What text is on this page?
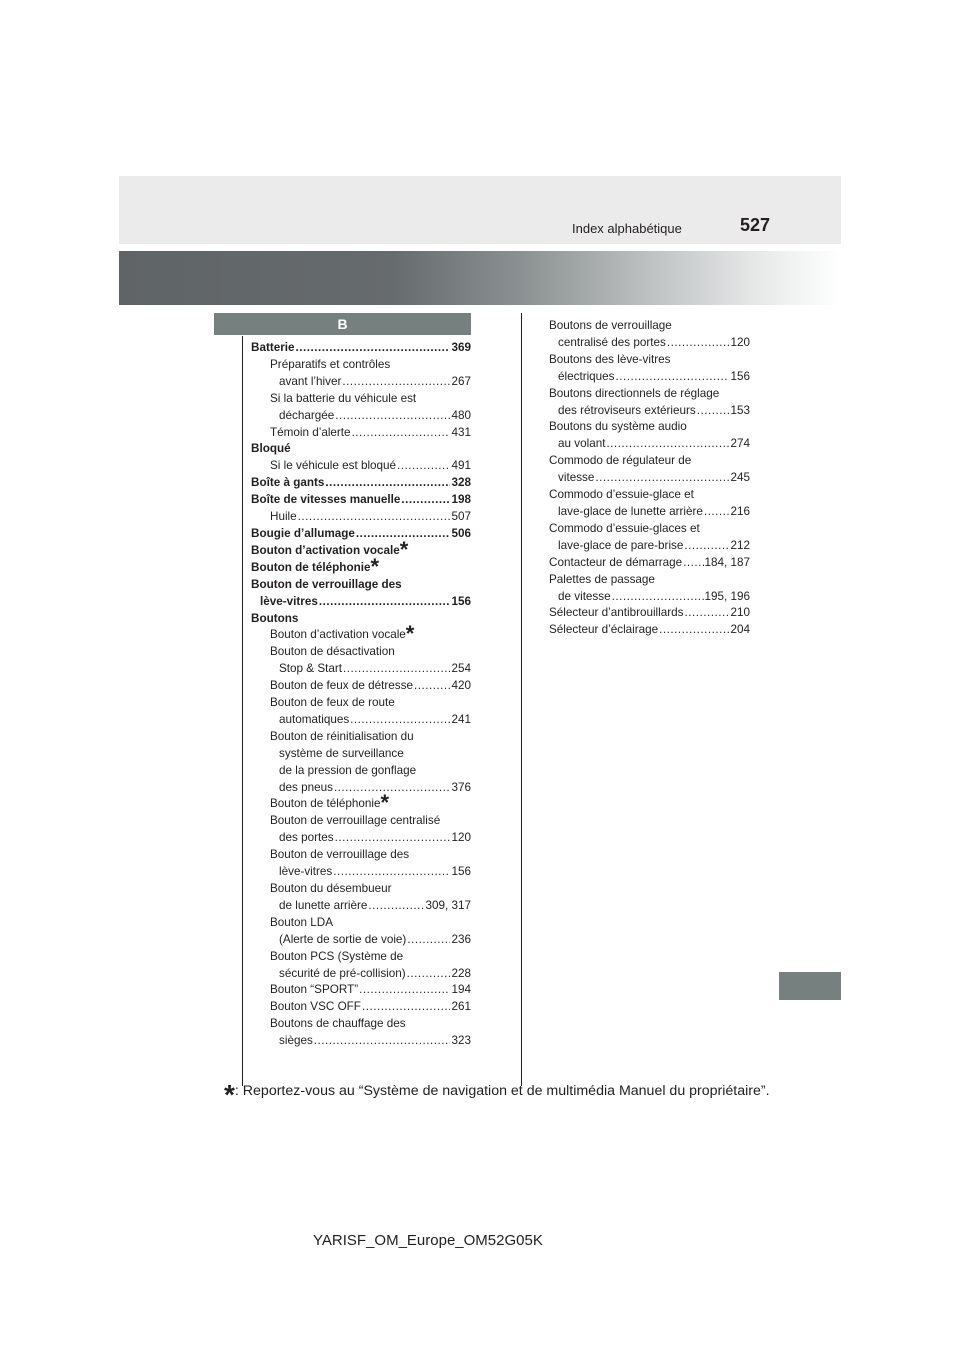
Index alphabétique	527
B
Batterie .....	369
Préparatifs et contrôles
avant l’hiver .....	267
Si la batterie du véhicule est
déchargée .....	480
Témoin d’alerte .....	431
Bloqué
Si le véhicule est bloqué .....	491
Boîte à gants .....	328
Boîte de vitesses manuelle .....	198
Huile .....	507
Bougie d’allumage .....	506
Bouton d’activation vocale *
Bouton de téléphonie *
Bouton de verrouillage des
lève-vitres .....	156
Boutons
Bouton d’activation vocale *
Bouton de désactivation
Stop & Start .....	254
Bouton de feux de détresse .....	420
Bouton de feux de route
automatiques .....	241
Bouton de réinitialisation du
système de surveillance
de la pression de gonflage
des pneus .....	376
Bouton de téléphonie *
Bouton de verrouillage centralisé
des portes .....	120
Bouton de verrouillage des
lève-vitres .....	156
Bouton du désembueur
de lunette arrière .....	309, 317
Bouton LDA
(Alerte de sortie de voie) .....	236
Bouton PCS (Système de
sécurité de pré-collision) .....	228
Bouton “SPORT” .....	194
Bouton VSC OFF .....	261
Boutons de chauffage des
sièges .....	323
Boutons de verrouillage
centralisé des portes .....	120
Boutons des lève-vitres
électriques .....	156
Boutons directionnels de réglage
des rétroviseurs extérieurs .....	153
Boutons du système audio
au volant .....	274
Commodo de régulateur de
vitesse .....	245
Commodo d’essuie-glace et
lave-glace de lunette arrière ..... 216
Commodo d’essuie-glaces et
lave-glace de pare-brise .....	212
Contacteur de démarrage ..... 184, 187
Palettes de passage
de vitesse .....	195, 196
Sélecteur d’antibrouillards .....	210
Sélecteur d’éclairage .....	204
*: Reportez-vous au “Système de navigation et de multimédia Manuel du propriétaire”.
YARISF_OM_Europe_OM52G05K
